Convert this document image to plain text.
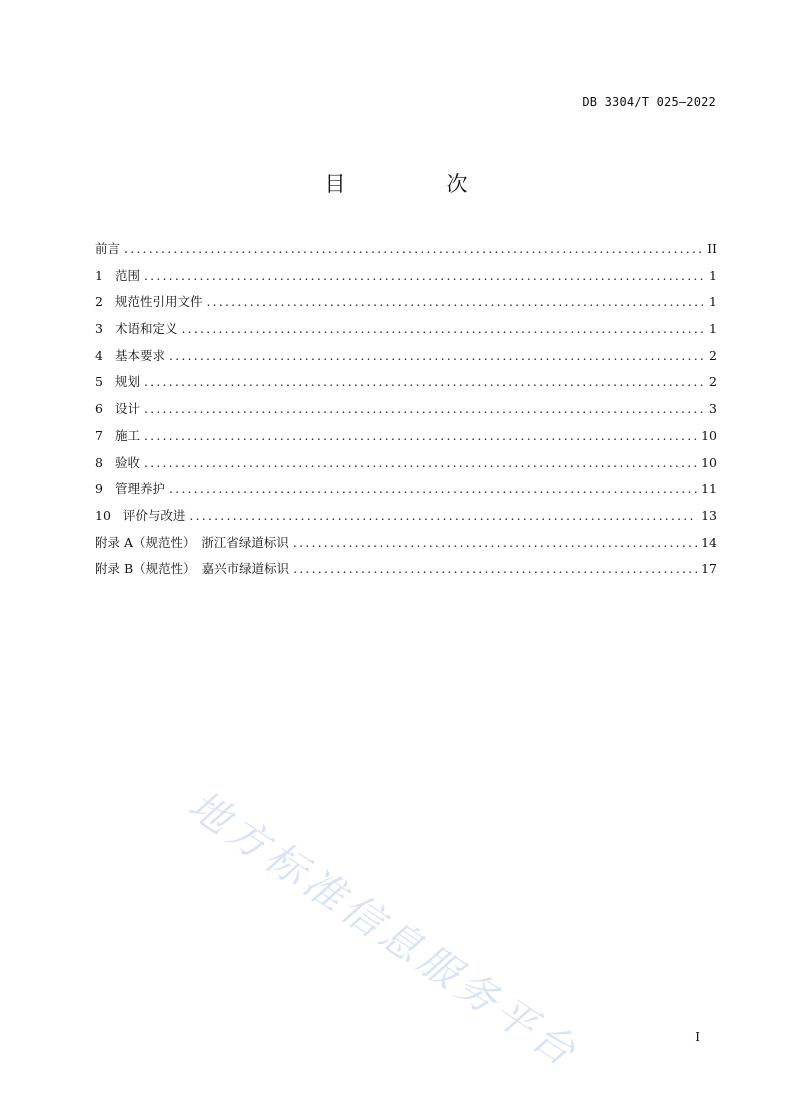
DB 3304/T 025—2022
目　次
前言 .....	II
1 范围 .....	1
2 规范性引用文件 .....	1
3 术语和定义 .....	1
4 基本要求 .....	2
5 规划 .....	2
6 设计 .....	3
7 施工 .....	10
8 验收 .....	10
9 管理养护 .....	11
10 评价与改进 .....	13
附录 A（规范性） 浙江省绿道标识 .....	14
附录 B（规范性） 嘉兴市绿道标识 .....	17
地方标准信息服务平台	I
